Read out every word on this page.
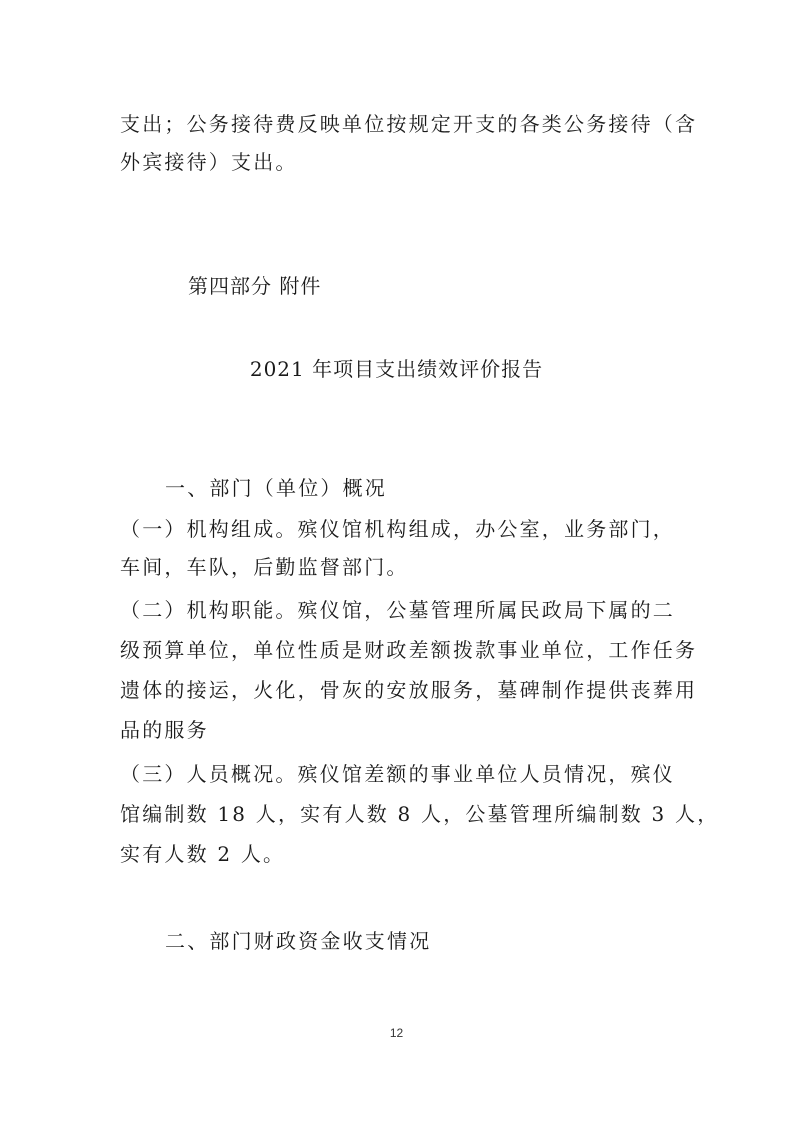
支出；公务接待费反映单位按规定开支的各类公务接待（含
外宾接待）支出。
第四部分 附件
2021 年项目支出绩效评价报告
一、部门（单位）概况
（一）机构组成。殡仪馆机构组成，办公室，业务部门，
车间，车队，后勤监督部门。
（二）机构职能。殡仪馆，公墓管理所属民政局下属的二
级预算单位，单位性质是财政差额拨款事业单位，工作任务
遗体的接运，火化，骨灰的安放服务，墓碑制作提供丧葬用
品的服务
（三）人员概况。殡仪馆差额的事业单位人员情况，殡仪
馆编制数 18 人，实有人数 8 人，公墓管理所编制数 3 人，
实有人数 2 人。
二、部门财政资金收支情况
12
